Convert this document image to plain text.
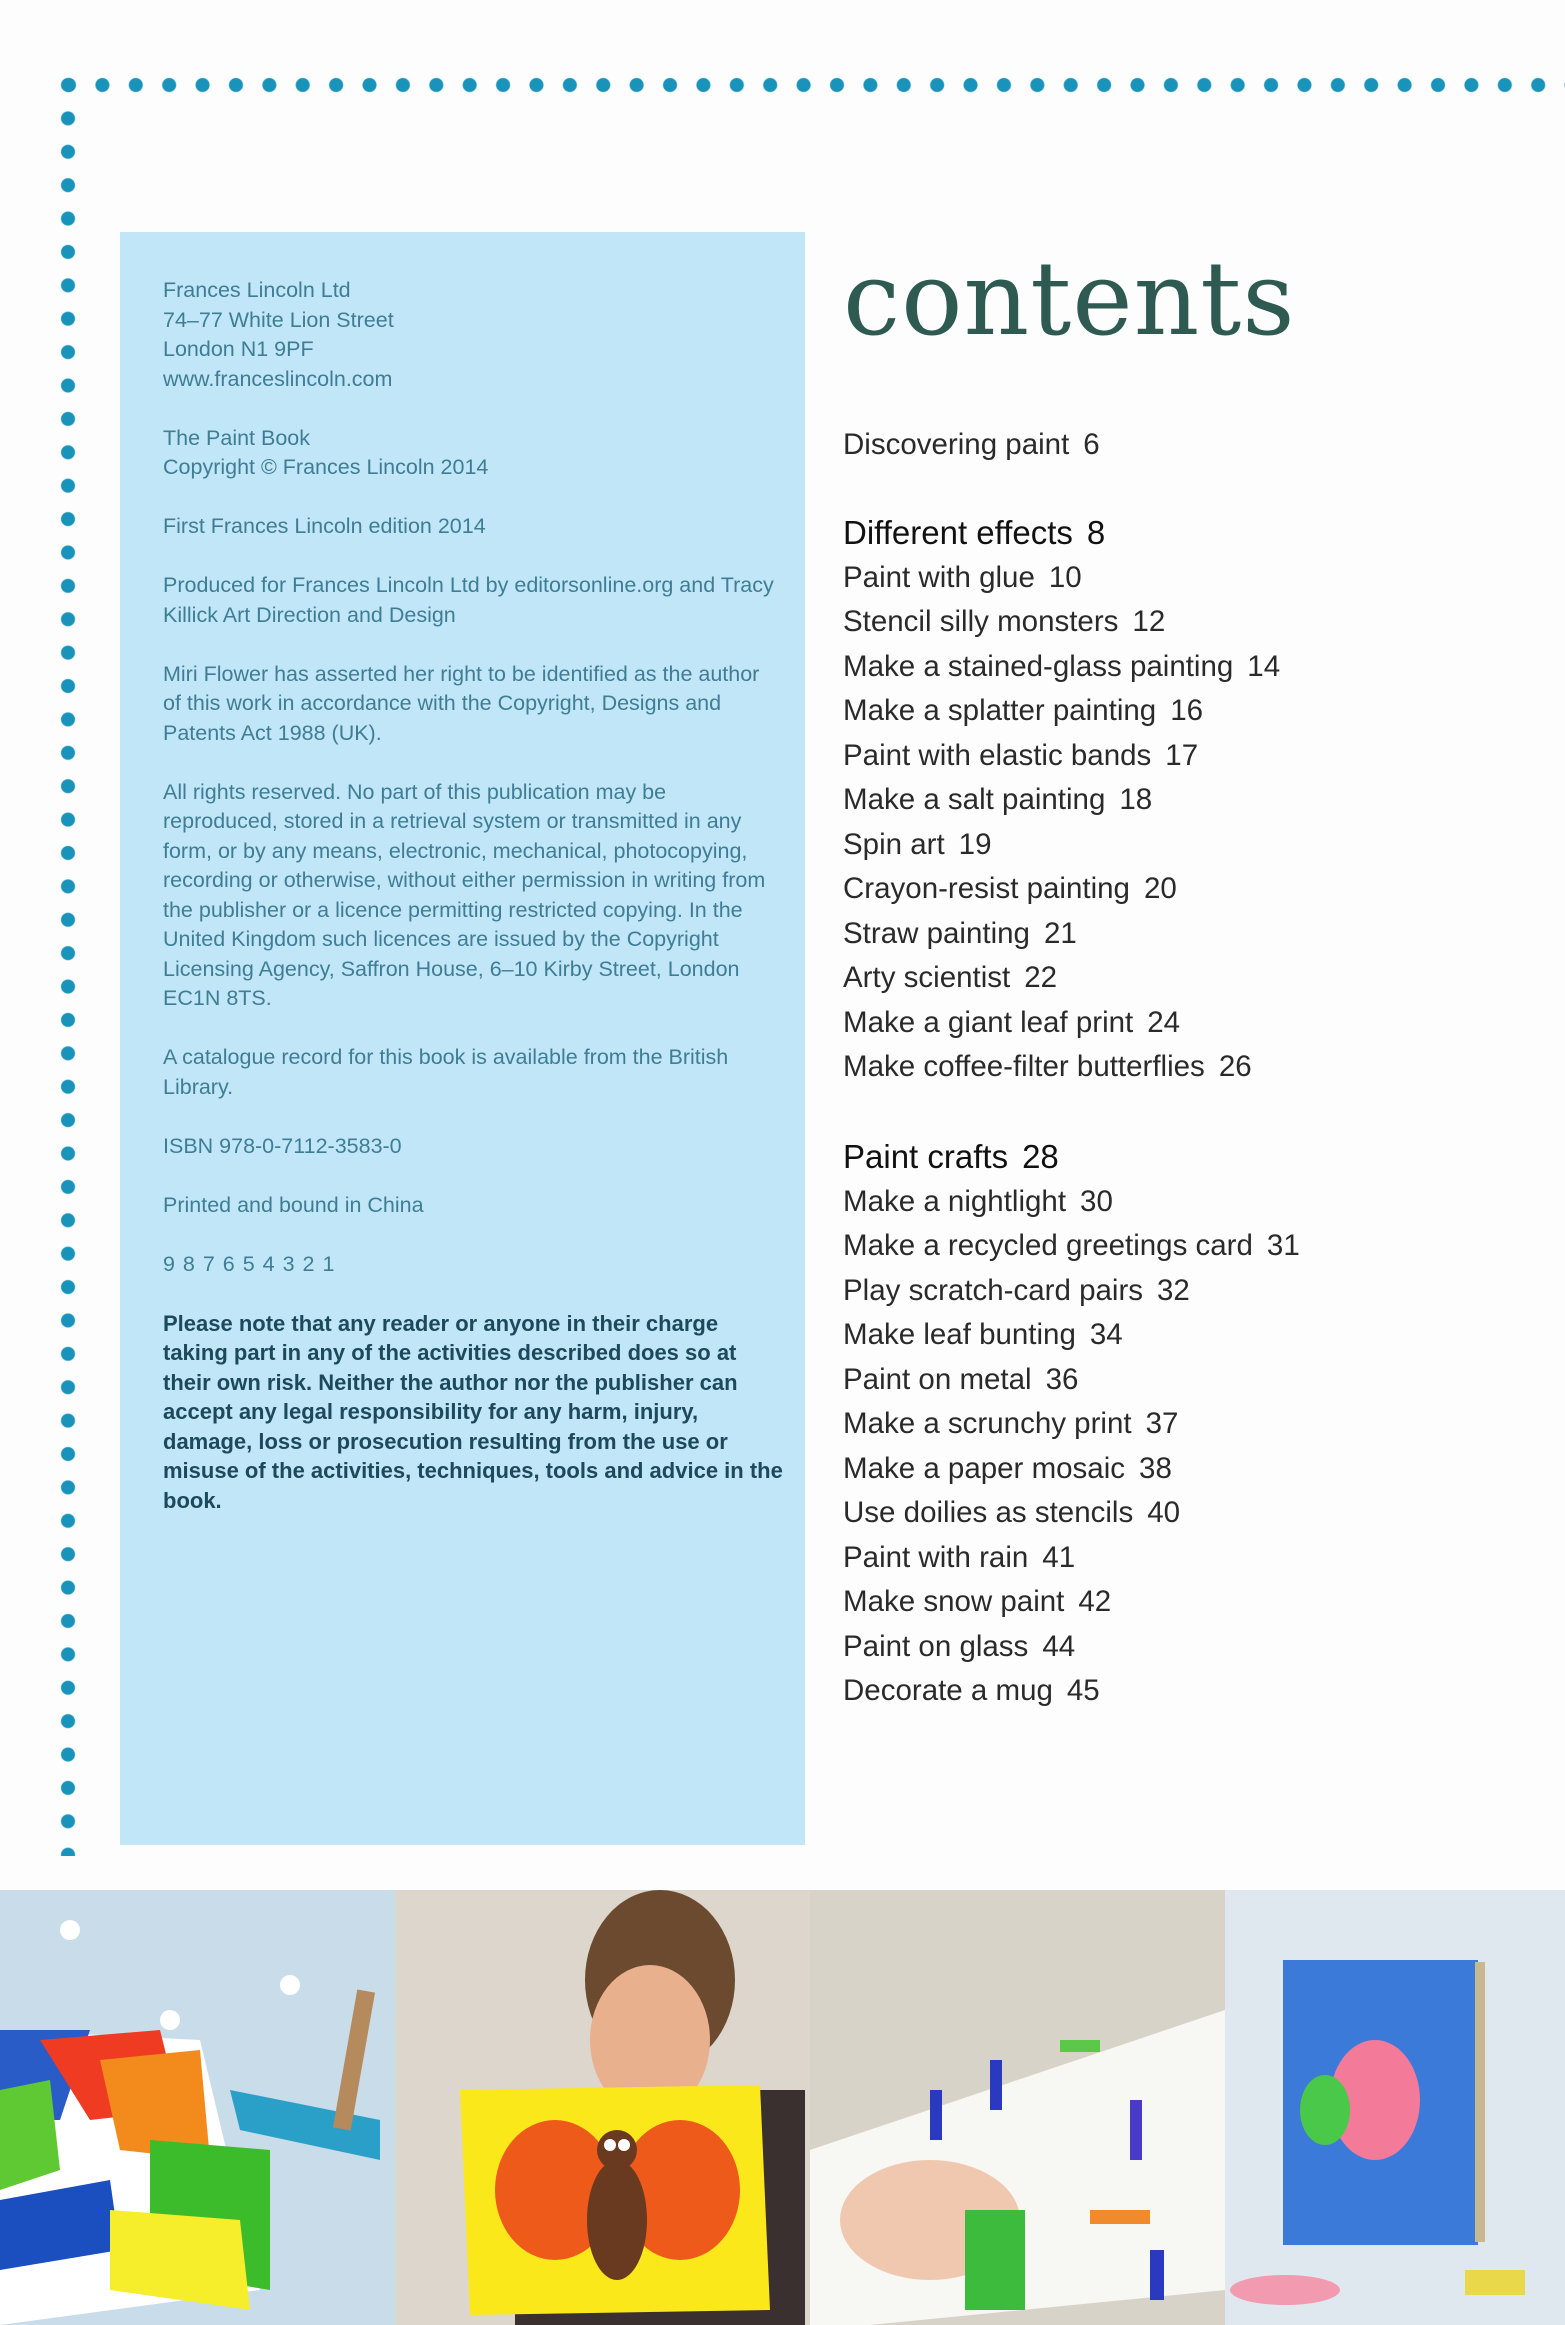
Frances Lincoln Ltd
74–77 White Lion Street
London N1 9PF
www.franceslincoln.com

The Paint Book
Copyright © Frances Lincoln 2014

First Frances Lincoln edition 2014

Produced for Frances Lincoln Ltd by editorsonline.org and Tracy Killick Art Direction and Design

Miri Flower has asserted her right to be identified as the author of this work in accordance with the Copyright, Designs and Patents Act 1988 (UK).

All rights reserved. No part of this publication may be reproduced, stored in a retrieval system or transmitted in any form, or by any means, electronic, mechanical, photocopying, recording or otherwise, without either permission in writing from the publisher or a licence permitting restricted copying. In the United Kingdom such licences are issued by the Copyright Licensing Agency, Saffron House, 6–10 Kirby Street, London EC1N 8TS.

A catalogue record for this book is available from the British Library.

ISBN 978-0-7112-3583-0

Printed and bound in China

9 8 7 6 5 4 3 2 1

Please note that any reader or anyone in their charge taking part in any of the activities described does so at their own risk. Neither the author nor the publisher can accept any legal responsibility for any harm, injury, damage, loss or prosecution resulting from the use or misuse of the activities, techniques, tools and advice in the book.

contents
Discovering paint 6
Different effects 8
Paint with glue 10
Stencil silly monsters 12
Make a stained-glass painting 14
Make a splatter painting 16
Paint with elastic bands 17
Make a salt painting 18
Spin art 19
Crayon-resist painting 20
Straw painting 21
Arty scientist 22
Make a giant leaf print 24
Make coffee-filter butterflies 26
Paint crafts 28
Make a nightlight 30
Make a recycled greetings card 31
Play scratch-card pairs 32
Make leaf bunting 34
Paint on metal 36
Make a scrunchy print 37
Make a paper mosaic 38
Use doilies as stencils 40
Paint with rain 41
Make snow paint 42
Paint on glass 44
Decorate a mug 45
